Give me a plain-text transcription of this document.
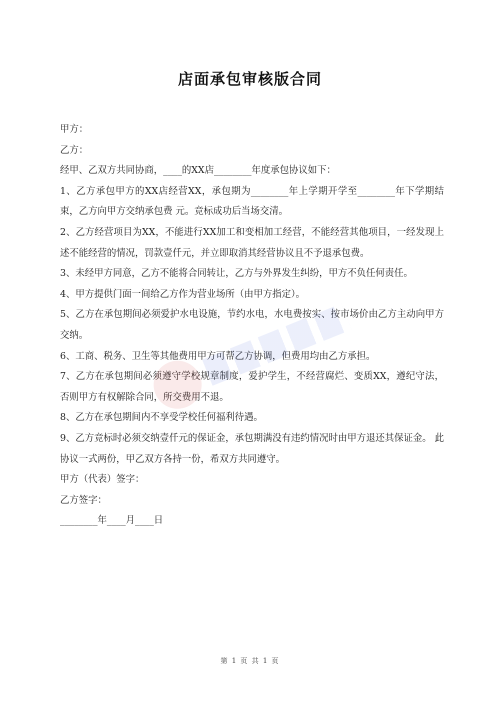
店面承包审核版合同

甲方：

乙方：

经甲、乙双方共同协商，____的XX店________年度承包协议如下：

1、乙方承包甲方的XX店经营XX，承包期为________年上学期开学至________年下学期结束，乙方向甲方交纳承包费 元。竞标成功后当场交清。

2、乙方经营项目为XX，不能进行XX加工和变相加工经营，不能经营其他项目，一经发现上述不能经营的情况，罚款壹仟元，并立即取消其经营协议且不予退承包费。

3、未经甲方同意，乙方不能将合同转让，乙方与外界发生纠纷，甲方不负任何责任。

4、甲方提供门面一间给乙方作为营业场所（由甲方指定）。

5、乙方在承包期间必须爱护水电设施，节约水电，水电费按实、按市场价由乙方主动向甲方交纳。

6、工商、税务、卫生等其他费用甲方可帮乙方协调，但费用均由乙方承担。

7、乙方在承包期间必须遵守学校规章制度，爱护学生，不经营腐烂、变质XX，遵纪守法，否则甲方有权解除合同，所交费用不退。

8、乙方在承包期间内不享受学校任何福利待遇。

9、乙方竞标时必须交纳壹仟元的保证金，承包期满没有违约情况时由甲方退还其保证金。 此协议一式两份，甲乙双方各持一份，希双方共同遵守。

甲方（代表）签字：

乙方签字：

________年____月____日

第 1 页 共 1 页
